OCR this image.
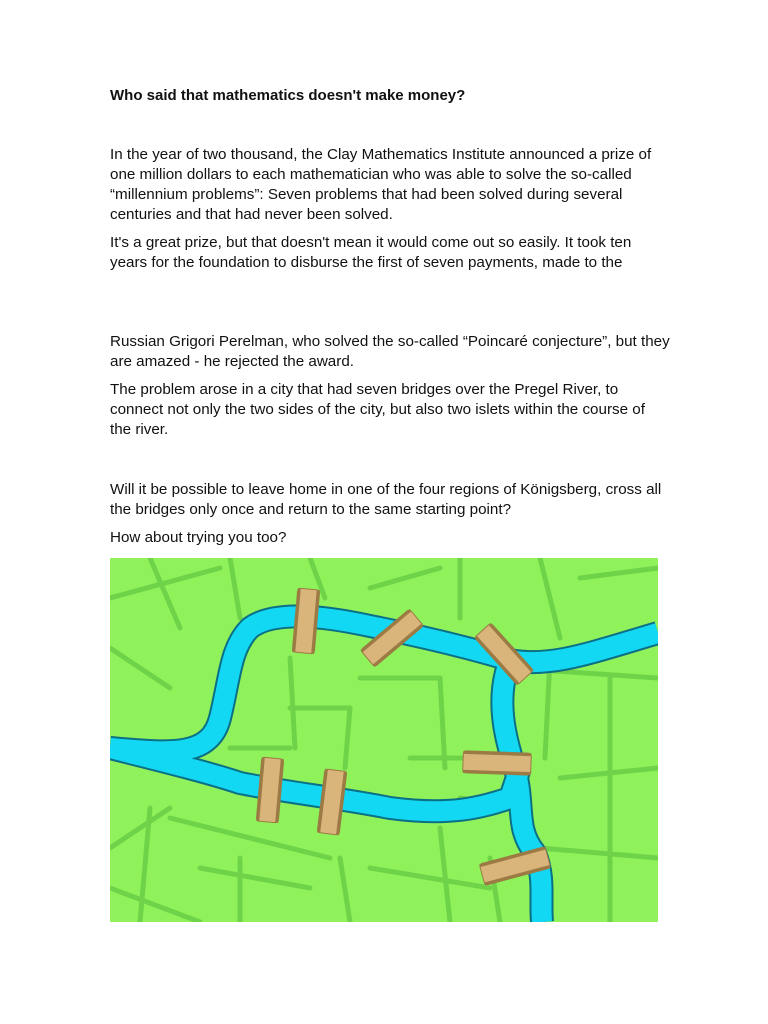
Who said that mathematics doesn't make money?

In the year of two thousand, the Clay Mathematics Institute announced a prize of one million dollars to each mathematician who was able to solve the so-called “millennium problems”: Seven problems that had been solved during several centuries and that had never been solved.

It's a great prize, but that doesn't mean it would come out so easily. It took ten years for the foundation to disburse the first of seven payments, made to the

Russian Grigori Perelman, who solved the so-called “Poincaré conjecture”, but they are amazed - he rejected the award.

The problem arose in a city that had seven bridges over the Pregel River, to connect not only the two sides of the city, but also two islets within the course of the river.

Will it be possible to leave home in one of the four regions of Königsberg, cross all the bridges only once and return to the same starting point?

How about trying you too?
